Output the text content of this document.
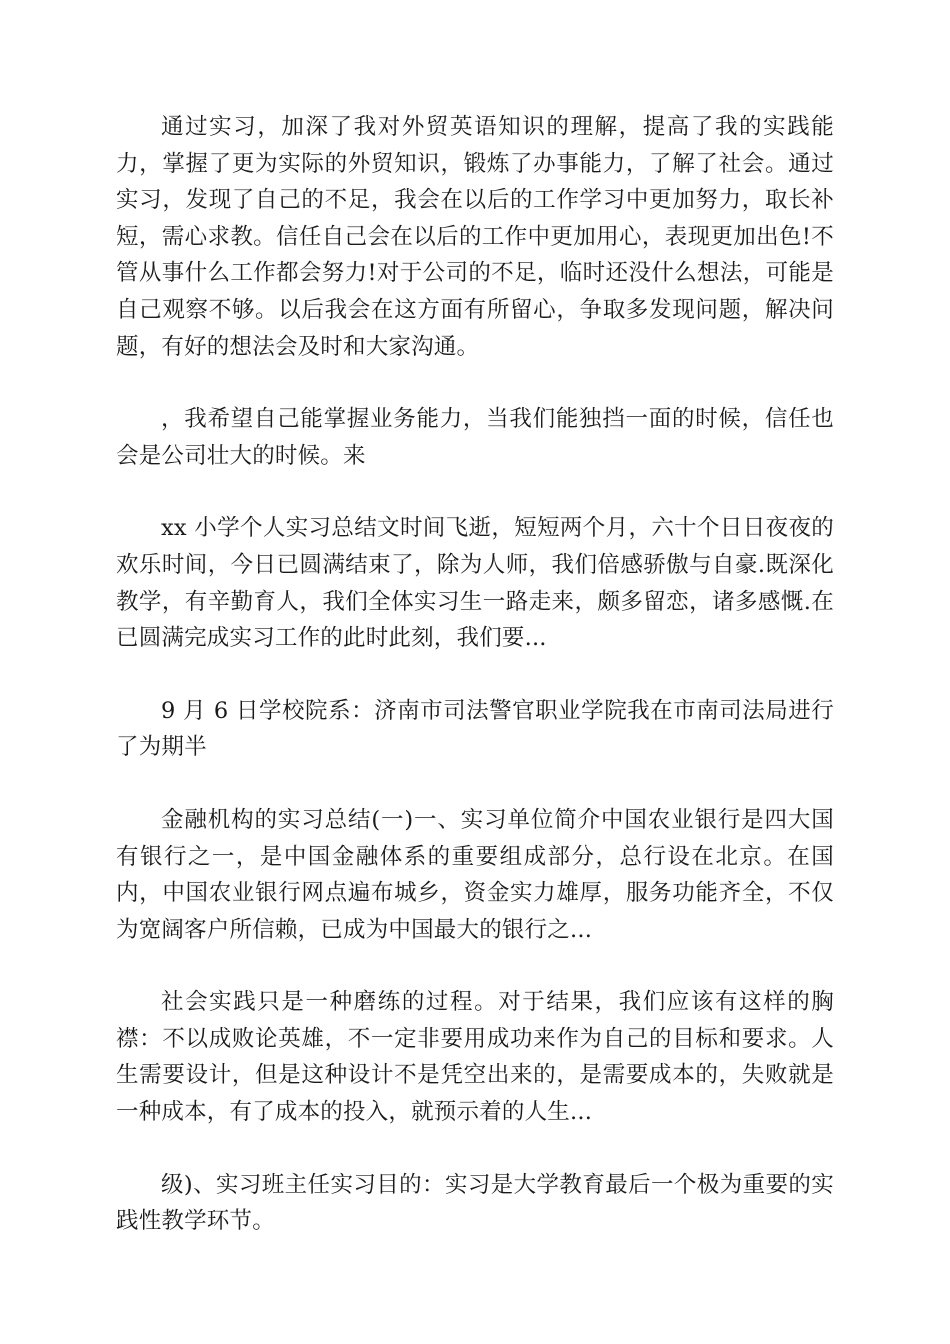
通过实习，加深了我对外贸英语知识的理解，提高了我的实践能力，掌握了更为实际的外贸知识，锻炼了办事能力，了解了社会。通过实习，发现了自己的不足，我会在以后的工作学习中更加努力，取长补短，需心求教。信任自己会在以后的工作中更加用心，表现更加出色!不管从事什么工作都会努力!对于公司的不足，临时还没什么想法，可能是自己观察不够。以后我会在这方面有所留心，争取多发现问题，解决问题，有好的想法会及时和大家沟通。

，我希望自己能掌握业务能力，当我们能独挡一面的时候，信任也会是公司壮大的时候。来

xx 小学个人实习总结文时间飞逝，短短两个月，六十个日日夜夜的欢乐时间，今日已圆满结束了，除为人师，我们倍感骄傲与自豪.既深化教学，有辛勤育人，我们全体实习生一路走来，颇多留恋，诸多感慨.在已圆满完成实习工作的此时此刻，我们要...

9 月 6 日学校院系：济南市司法警官职业学院我在市南司法局进行了为期半

金融机构的实习总结(一)一、实习单位简介中国农业银行是四大国有银行之一，是中国金融体系的重要组成部分，总行设在北京。在国内，中国农业银行网点遍布城乡，资金实力雄厚，服务功能齐全，不仅为宽阔客户所信赖，已成为中国最大的银行之...

社会实践只是一种磨练的过程。对于结果，我们应该有这样的胸襟：不以成败论英雄，不一定非要用成功来作为自己的目标和要求。人生需要设计，但是这种设计不是凭空出来的，是需要成本的，失败就是一种成本，有了成本的投入，就预示着的人生...

级)、实习班主任实习目的：实习是大学教育最后一个极为重要的实践性教学环节。
